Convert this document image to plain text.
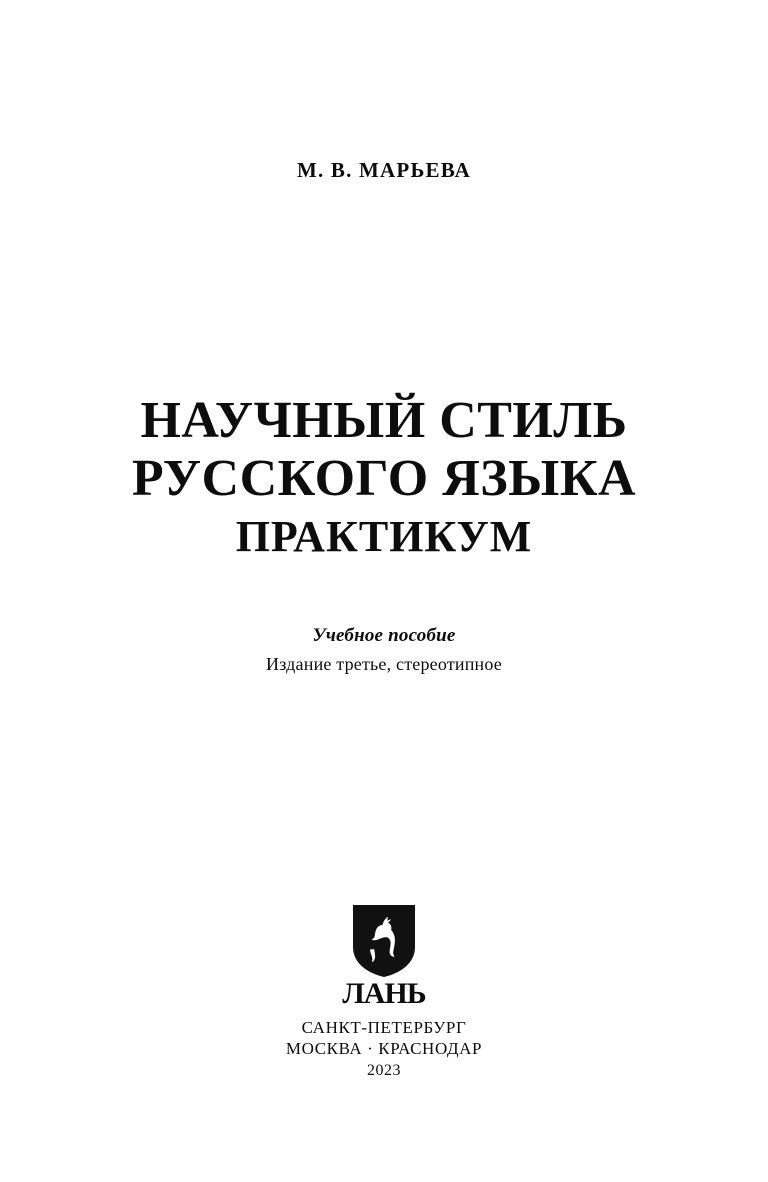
М. В. МАРЬЕВА
НАУЧНЫЙ СТИЛЬ
РУССКОГО ЯЗЫКА
ПРАКТИКУМ
Учебное пособие
Издание третье, стереотипное
ЛАНЬ
САНКТ-ПЕТЕРБУРГ
МОСКВА · КРАСНОДАР
2023
